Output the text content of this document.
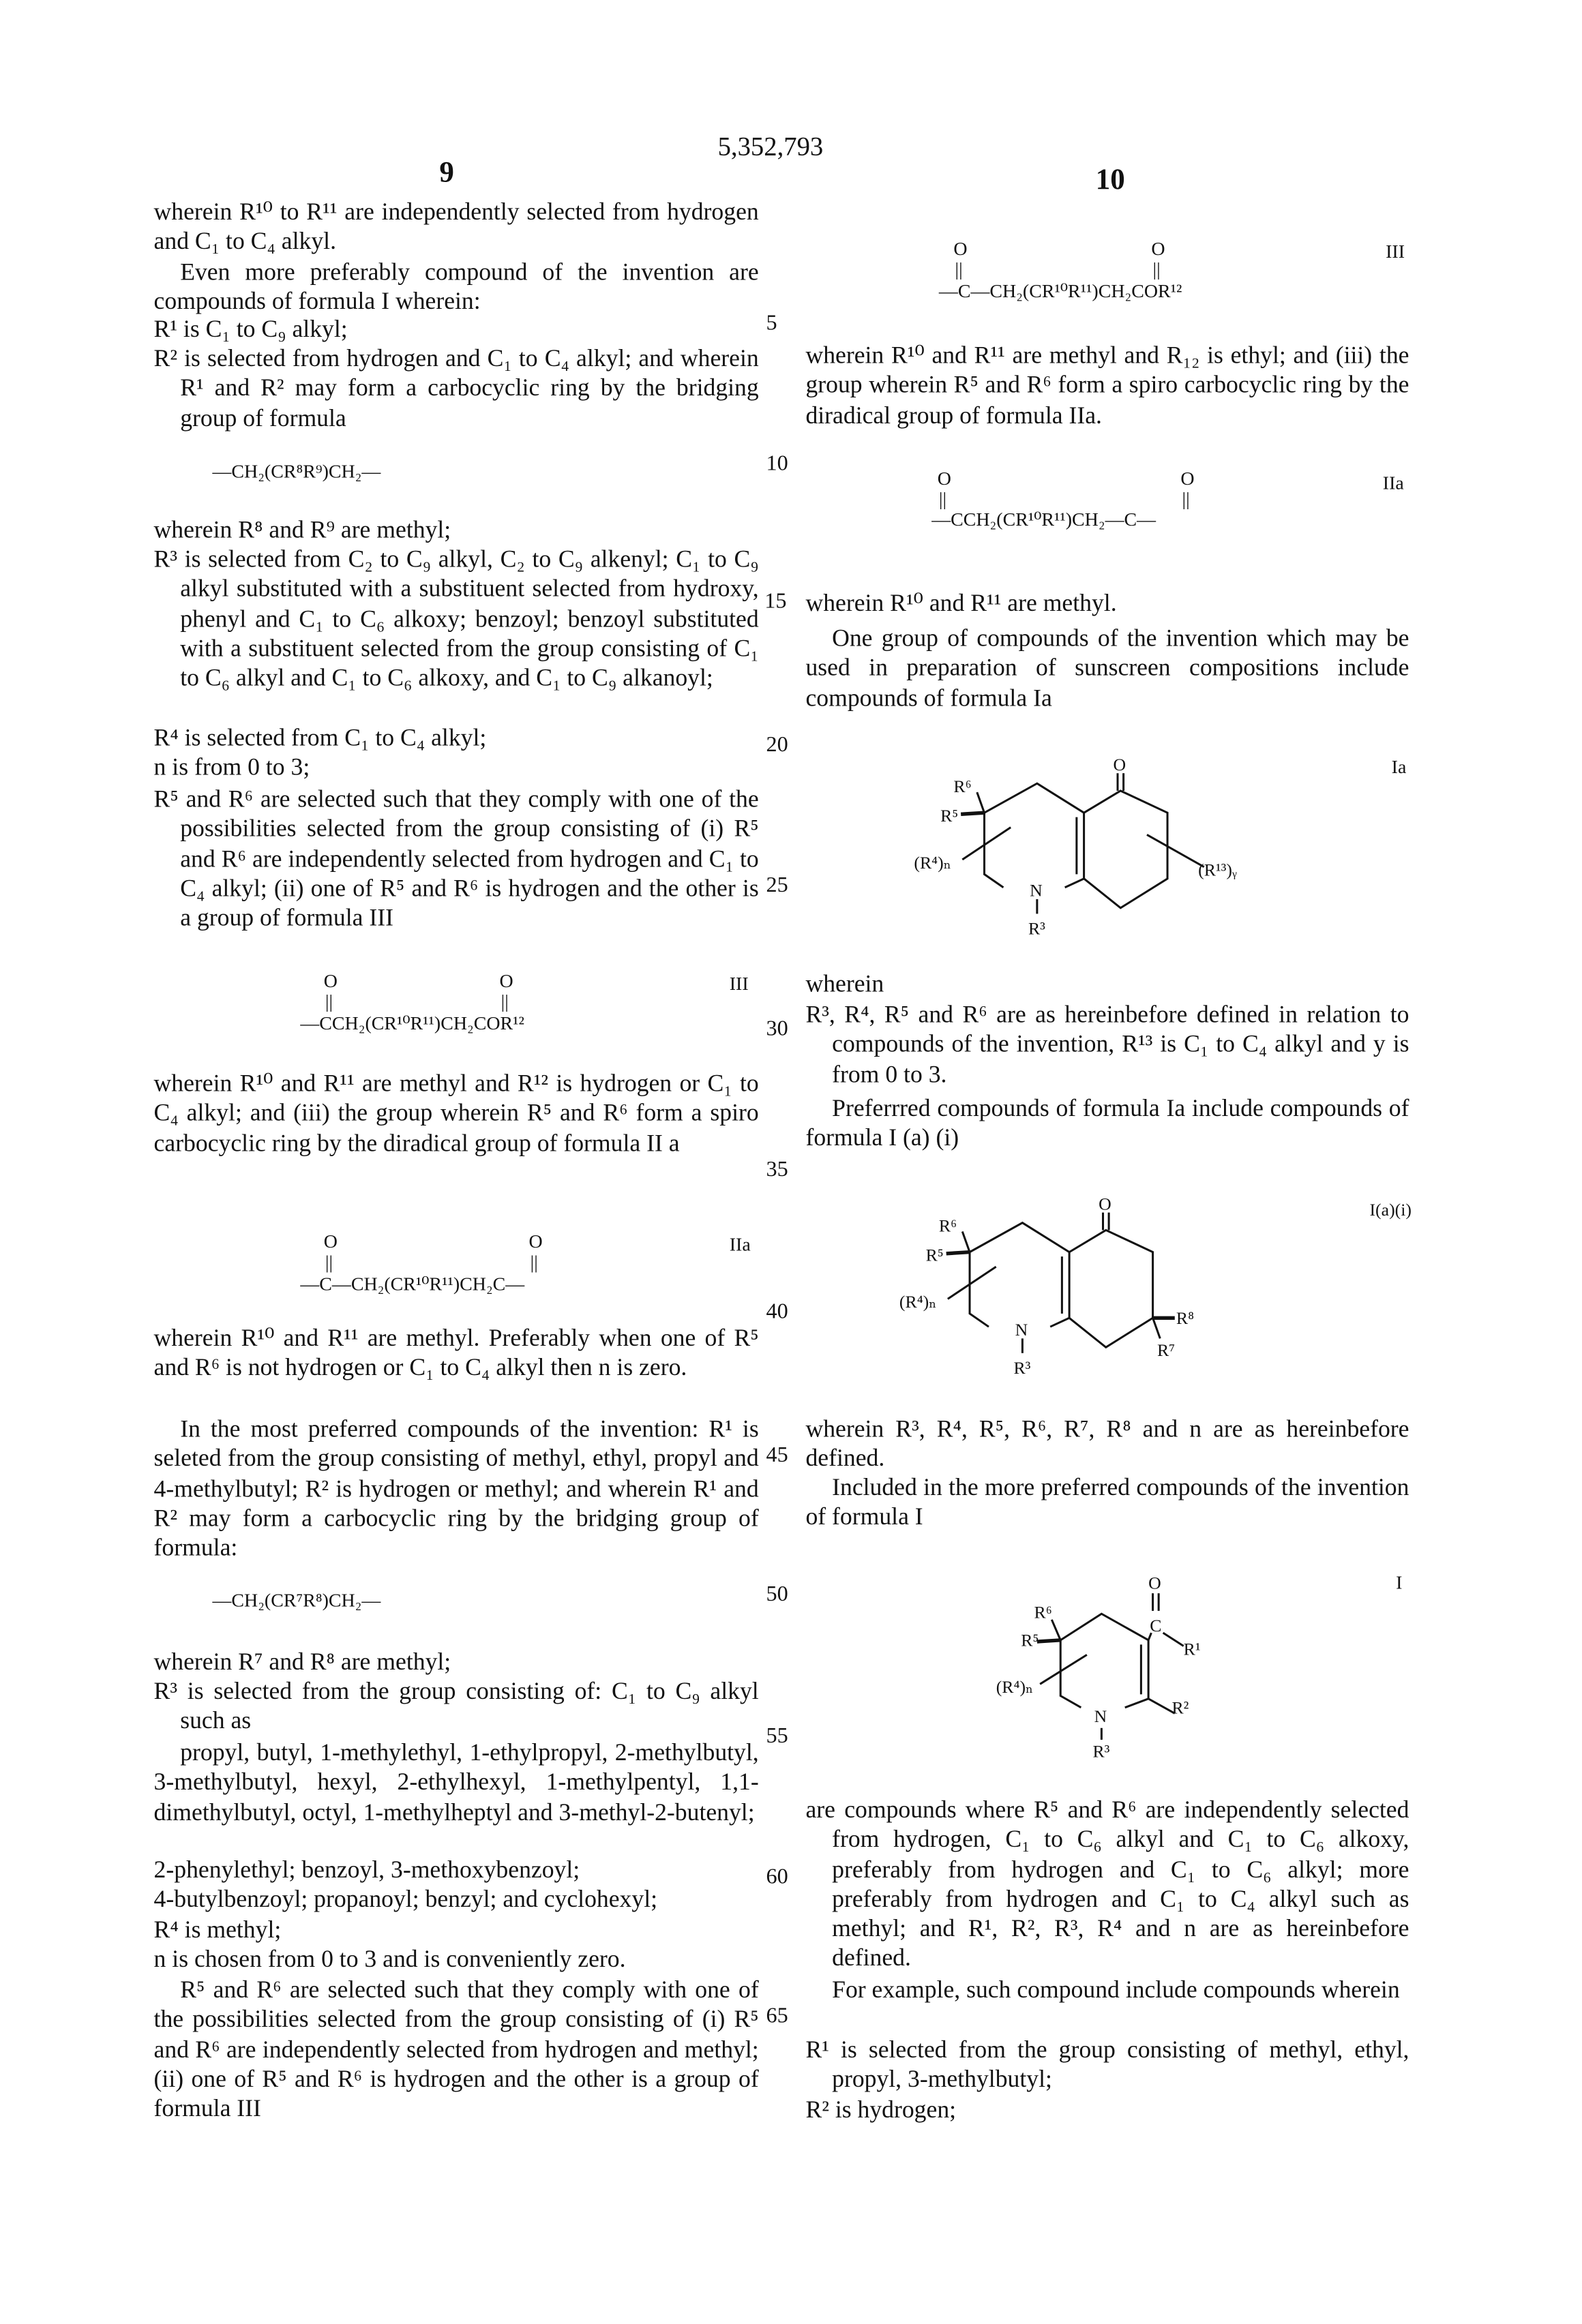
9
5,352,793
10
5
10
15
20
25
30
35
40
45
50
55
60
65
wherein R¹⁰ to R¹¹ are independently selected from hydrogen and C₁ to C₄ alkyl.
Even more preferably compound of the invention are compounds of formula I wherein:
R¹ is C₁ to C₉ alkyl;
R² is selected from hydrogen and C₁ to C₄ alkyl; and wherein R¹ and R² may form a carbocyclic ring by the bridging group of formula
—CH₂(CR⁸R⁹)CH₂—
wherein R⁸ and R⁹ are methyl;
R³ is selected from C₂ to C₉ alkyl, C₂ to C₉ alkenyl; C₁ to C₉ alkyl substituted with a substituent selected from hydroxy, phenyl and C₁ to C₆ alkoxy; benzoyl; benzoyl substituted with a substituent selected from the group consisting of C₁ to C₆ alkyl and C₁ to C₆ alkoxy, and C₁ to C₉ alkanoyl;
R⁴ is selected from C₁ to C₄ alkyl;
n is from 0 to 3;
R⁵ and R⁶ are selected such that they comply with one of the possibilities selected from the group consisting of (i) R⁵ and R⁶ are independently selected from hydrogen and C₁ to C₄ alkyl; (ii) one of R⁵ and R⁶ is hydrogen and the other is a group of formula III
O	O
||	||
—CCH₂(CR¹⁰R¹¹)CH₂COR¹²
III
wherein R¹⁰ and R¹¹ are methyl and R¹² is hydrogen or C₁ to C₄ alkyl; and (iii) the group wherein R⁵ and R⁶ form a spiro carbocyclic ring by the diradical group of formula II a
O	O
||	||
—C—CH₂(CR¹⁰R¹¹)CH₂C—
IIa
wherein R¹⁰ and R¹¹ are methyl. Preferably when one of R⁵ and R⁶ is not hydrogen or C₁ to C₄ alkyl then n is zero.
In the most preferred compounds of the invention: R¹ is seleted from the group consisting of methyl, ethyl, propyl and 4-methylbutyl; R² is hydrogen or methyl; and wherein R¹ and R² may form a carbocyclic ring by the bridging group of formula:
—CH₂(CR⁷R⁸)CH₂—
wherein R⁷ and R⁸ are methyl;
R³ is selected from the group consisting of: C₁ to C₉ alkyl such as
propyl, butyl, 1-methylethyl, 1-ethylpropyl, 2-methylbutyl, 3-methylbutyl, hexyl, 2-ethylhexyl, 1-methylpentyl, 1,1-dimethylbutyl, octyl, 1-methylheptyl and 3-methyl-2-butenyl;
2-phenylethyl; benzoyl, 3-methoxybenzoyl;
4-butylbenzoyl; propanoyl; benzyl; and cyclohexyl;
R⁴ is methyl;
n is chosen from 0 to 3 and is conveniently zero.
R⁵ and R⁶ are selected such that they comply with one of the possibilities selected from the group consisting of (i) R⁵ and R⁶ are independently selected from hydrogen and methyl; (ii) one of R⁵ and R⁶ is hydrogen and the other is a group of formula III
O	O
||	||
—C—CH₂(CR¹⁰R¹¹)CH₂COR¹²
III
wherein R¹⁰ and R¹¹ are methyl and R₁₂ is ethyl; and (iii) the group wherein R⁵ and R⁶ form a spiro carbocyclic ring by the diradical group of formula IIa.
O	O
||	||
—CCH₂(CR¹⁰R¹¹)CH₂—C—
IIa
wherein R¹⁰ and R¹¹ are methyl.
One group of compounds of the invention which may be used in preparation of sunscreen compositions include compounds of formula Ia
wherein
R³, R⁴, R⁵ and R⁶ are as hereinbefore defined in relation to compounds of the invention, R¹³ is C₁ to C₄ alkyl and y is from 0 to 3.
Preferrred compounds of formula Ia include compounds of formula I (a) (i)
wherein R³, R⁴, R⁵, R⁶, R⁷, R⁸ and n are as hereinbefore defined.
Included in the more preferred compounds of the invention of formula I
are compounds where R⁵ and R⁶ are independently selected from hydrogen, C₁ to C₆ alkyl and C₁ to C₆ alkoxy, preferably from hydrogen and C₁ to C₆ alkyl; more preferably from hydrogen and C₁ to C₄ alkyl such as methyl; and R¹, R², R³, R⁴ and n are as hereinbefore defined.
For example, such compound include compounds wherein
R¹ is selected from the group consisting of methyl, ethyl, propyl, 3-methylbutyl;
R² is hydrogen;
O
R⁶
R⁵
(R⁴)ₙ
N
R³
(R¹³)ᵧ
Ia
O
R⁶
R⁵
(R⁴)ₙ
N
R³
R⁸
R⁷
I(a)(i)
O
C
R¹
R²
R⁶
R⁵
(R⁴)ₙ
N
R³
I
